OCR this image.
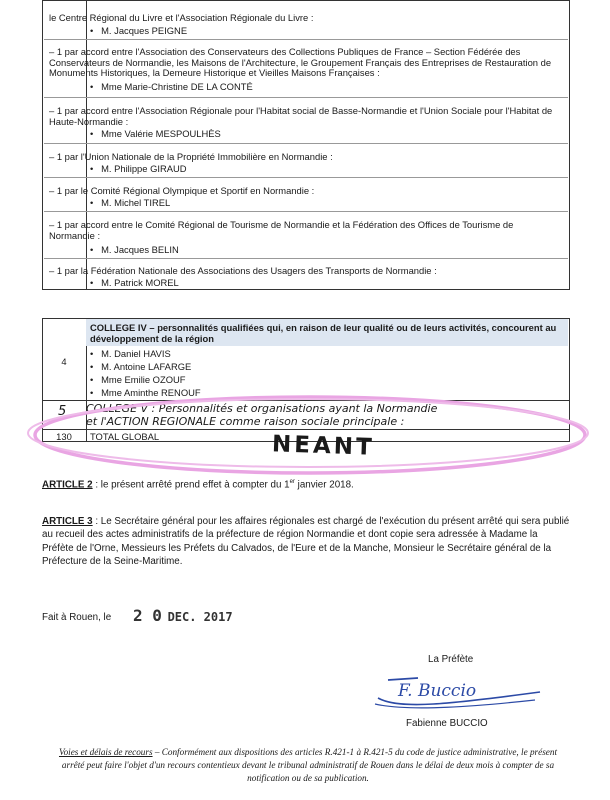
le Centre Régional du Livre et l'Association Régionale du Livre :
•   M. Jacques PEIGNE
– 1 par accord entre l'Association des Conservateurs des Collections Publiques de France – Section Fédérée des Conservateurs de Normandie, les Maisons de l'Architecture, le Groupement Français des Entreprises de Restauration de Monuments Historiques, la Demeure Historique et Vieilles Maisons Françaises :
•   Mme Marie-Christine DE LA CONTÉ
– 1 par accord entre l'Association Régionale pour l'Habitat social de Basse-Normandie et l'Union Sociale pour l'Habitat de Haute-Normandie :
•   Mme Valérie MESPOULHÈS
– 1 par l'Union Nationale de la Propriété Immobilière en Normandie :
•   M. Philippe GIRAUD
– 1 par le Comité Régional Olympique et Sportif en Normandie :
•   M. Michel TIREL
– 1 par accord entre le Comité Régional de Tourisme de Normandie et la Fédération des Offices de Tourisme de Normandie :
•   M. Jacques BELIN
– 1 par la Fédération Nationale des Associations des Usagers des Transports de Normandie :
•   M. Patrick MOREL
COLLEGE IV – personnalités qualifiées qui, en raison de leur qualité ou de leurs activités, concourent au développement de la région
4
•   M. Daniel HAVIS
•   M. Antoine LAFARGE
•   Mme Emilie OZOUF
•   Mme Aminthe RENOUF
5 COLLEGE V : Personnalités et organisations ayant la Normandie
et l'ACTION REGIONALE comme raison sociale principale :
130	TOTAL GLOBAL	NEANT
ARTICLE 2 : le présent arrêté prend effet à compter du 1er janvier 2018.
ARTICLE 3 : Le Secrétaire général pour les affaires régionales est chargé de l'exécution du présent arrêté qui sera publié au recueil des actes administratifs de la préfecture de région Normandie et dont copie sera adressée à Madame la Préfète de l'Orne, Messieurs les Préfets du Calvados, de l'Eure et de la Manche, Monsieur le Secrétaire général de la Préfecture de la Seine-Maritime.
Fait à Rouen, le 2 0 DEC. 2017
La Préfète
F. Buccio
Fabienne BUCCIO
Voies et délais de recours – Conformément aux dispositions des articles R.421-1 à R.421-5 du code de justice administrative, le présent arrêté peut faire l'objet d'un recours contentieux devant le tribunal administratif de Rouen dans le délai de deux mois à compter de sa notification ou de sa publication.
